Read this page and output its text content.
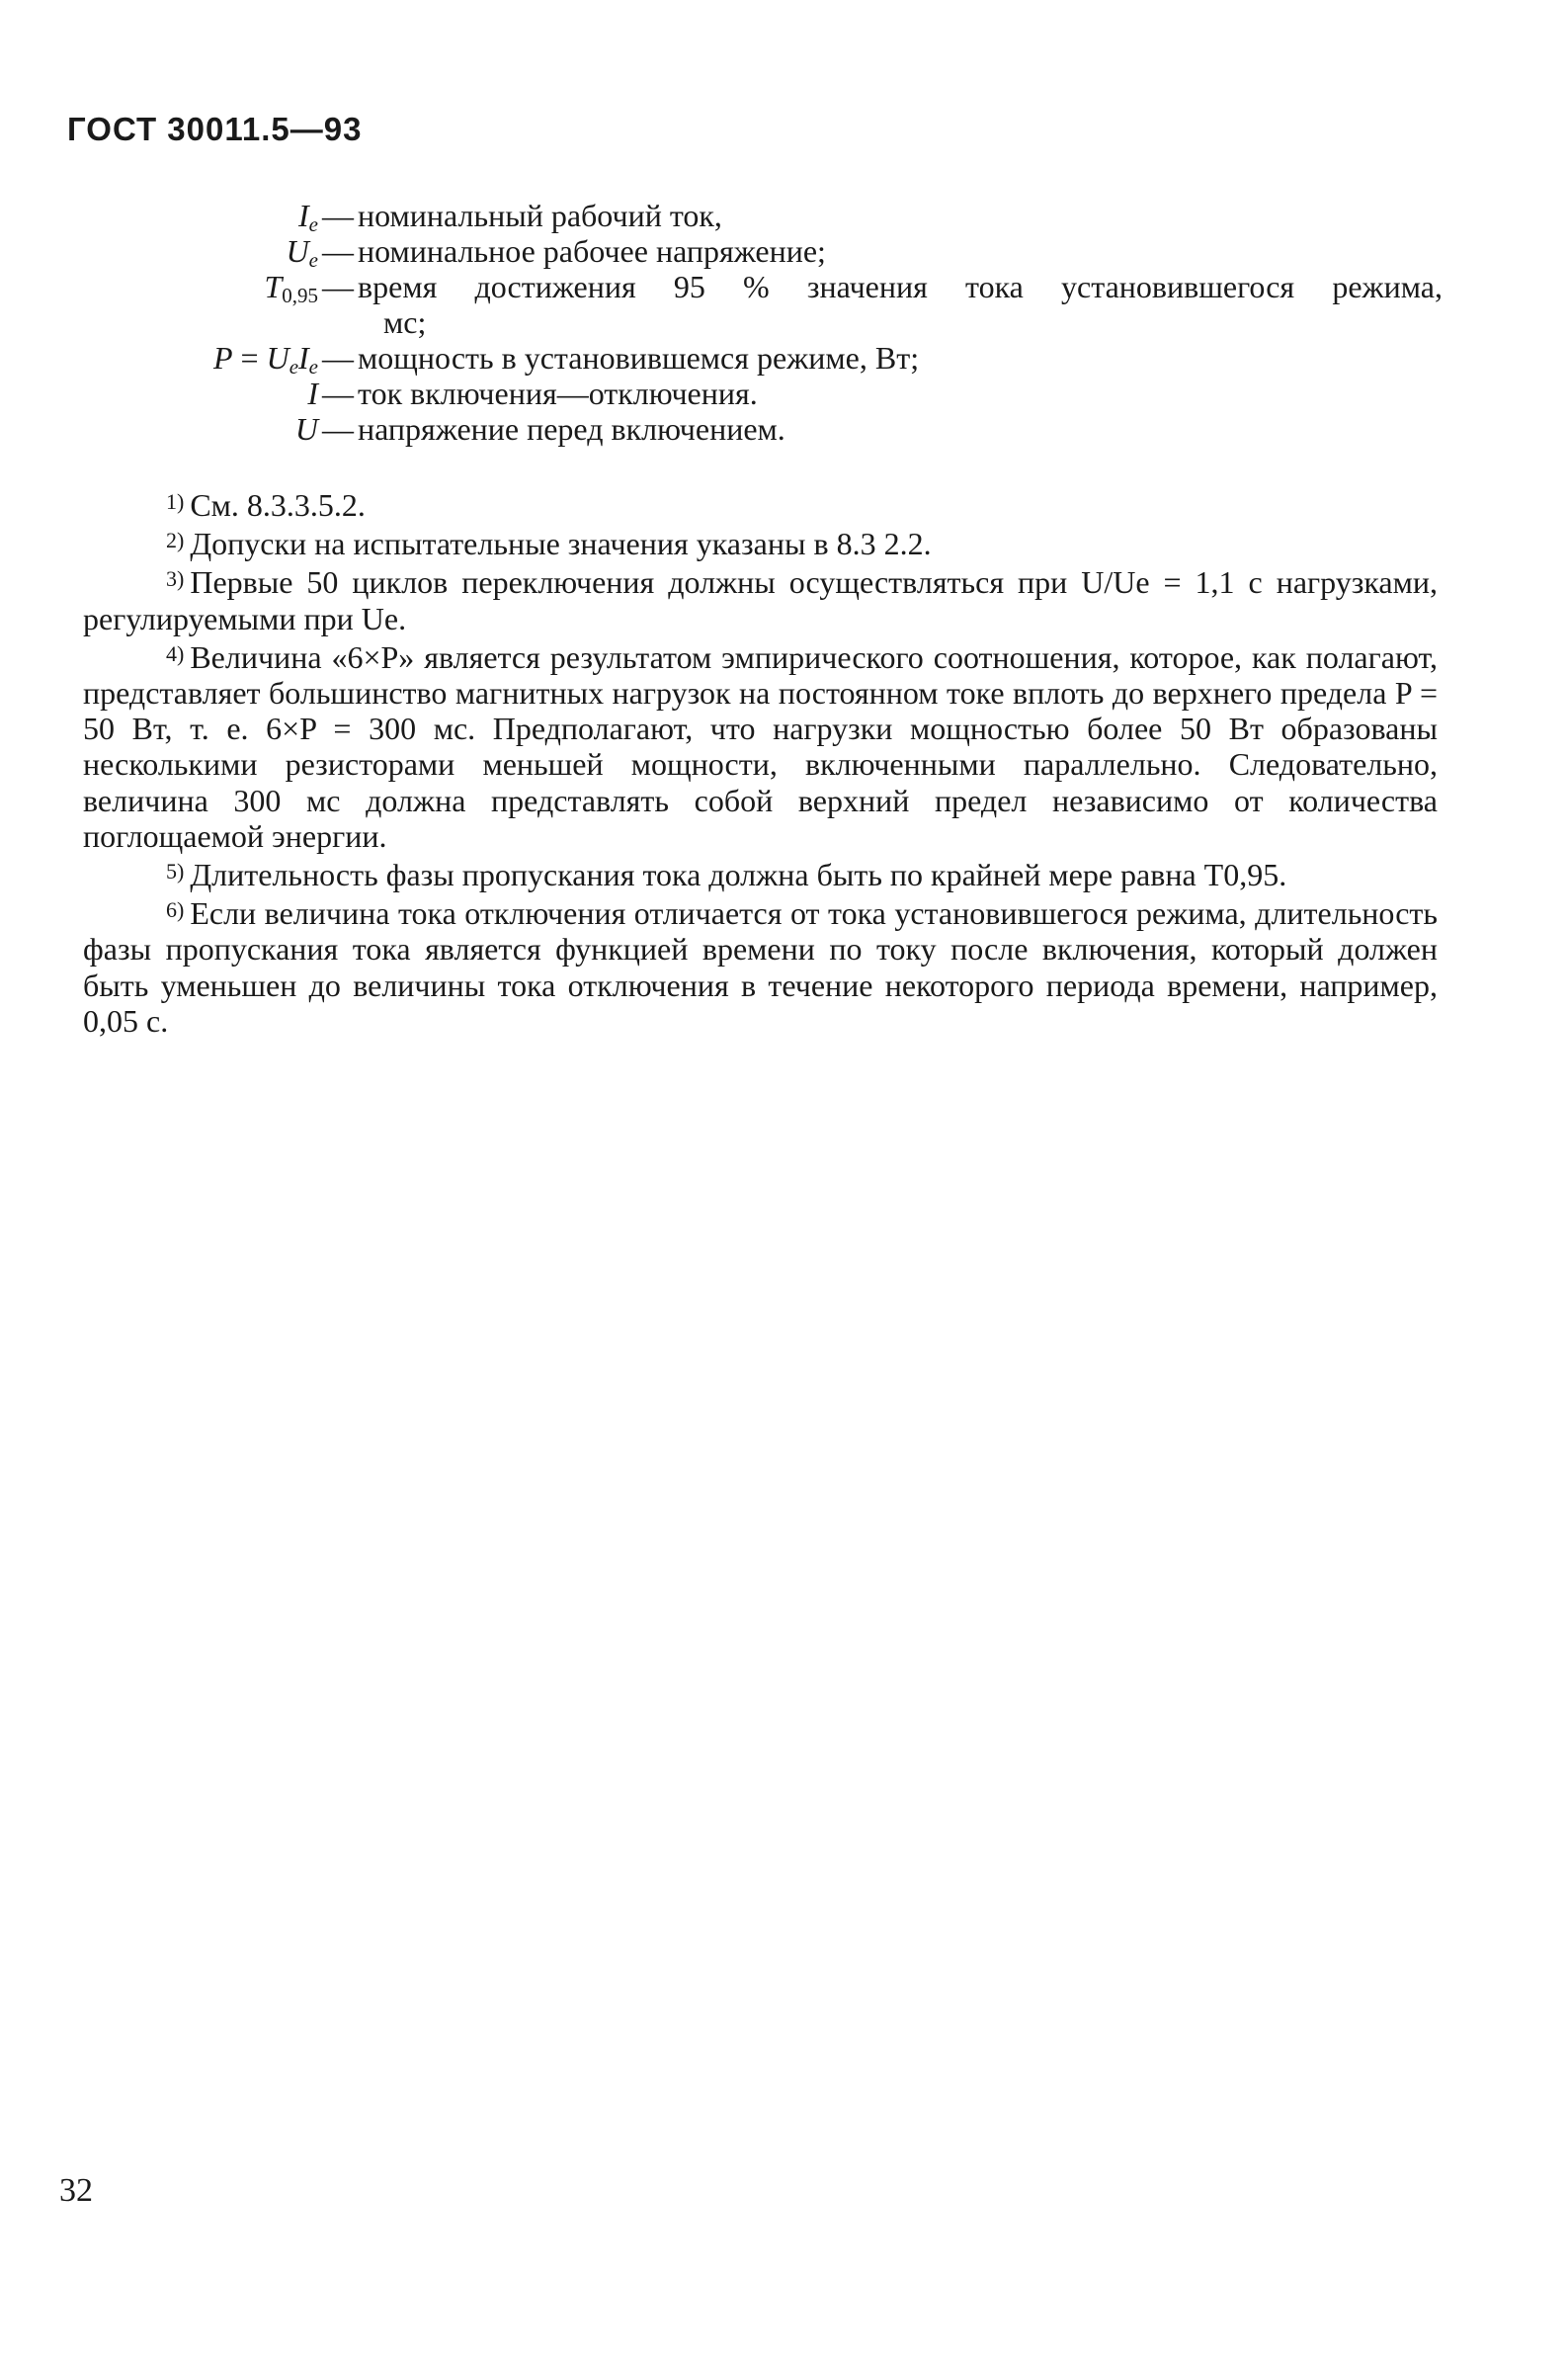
ГОСТ 30011.5—93
$I_e$ — номинальный рабочий ток,
$U_e$ — номинальное рабочее напряжение;
$T_{0,95}$ — время достижения 95 % значения тока установившегося режима,
мс;
$P = U_eI_e$ — мощность в установившемся режиме, Вт;
I — ток включения—отключения.
U — напряжение перед включением.

$^{1)}$ См. 8.3.3.5.2.

$^{2)}$ Допуски на испытательные значения указаны в 8.3 2.2.

$^{3)}$ Первые 50 циклов переключения должны осуществляться при U/Ue = 1,1 с нагрузками, регулируемыми при Ue.

$^{4)}$ Величина «6×P» является результатом эмпирического соотношения, которое, как полагают, представляет большинство магнитных нагрузок на постоянном токе вплоть до верхнего предела P = 50 Вт, т. е. 6×P = 300 мс. Предполагают, что нагрузки мощностью более 50 Вт образованы несколькими резисторами меньшей мощности, включенными параллельно. Следовательно, величина 300 мс должна представлять собой верхний предел независимо от количества поглощаемой энергии.

$^{5)}$ Длительность фазы пропускания тока должна быть по крайней мере равна T0,95.

$^{6)}$ Если величина тока отключения отличается от тока установившегося режима, длительность фазы пропускания тока является функцией времени по току после включения, который должен быть уменьшен до величины тока отключения в течение некоторого периода времени, например, 0,05 с.

32
